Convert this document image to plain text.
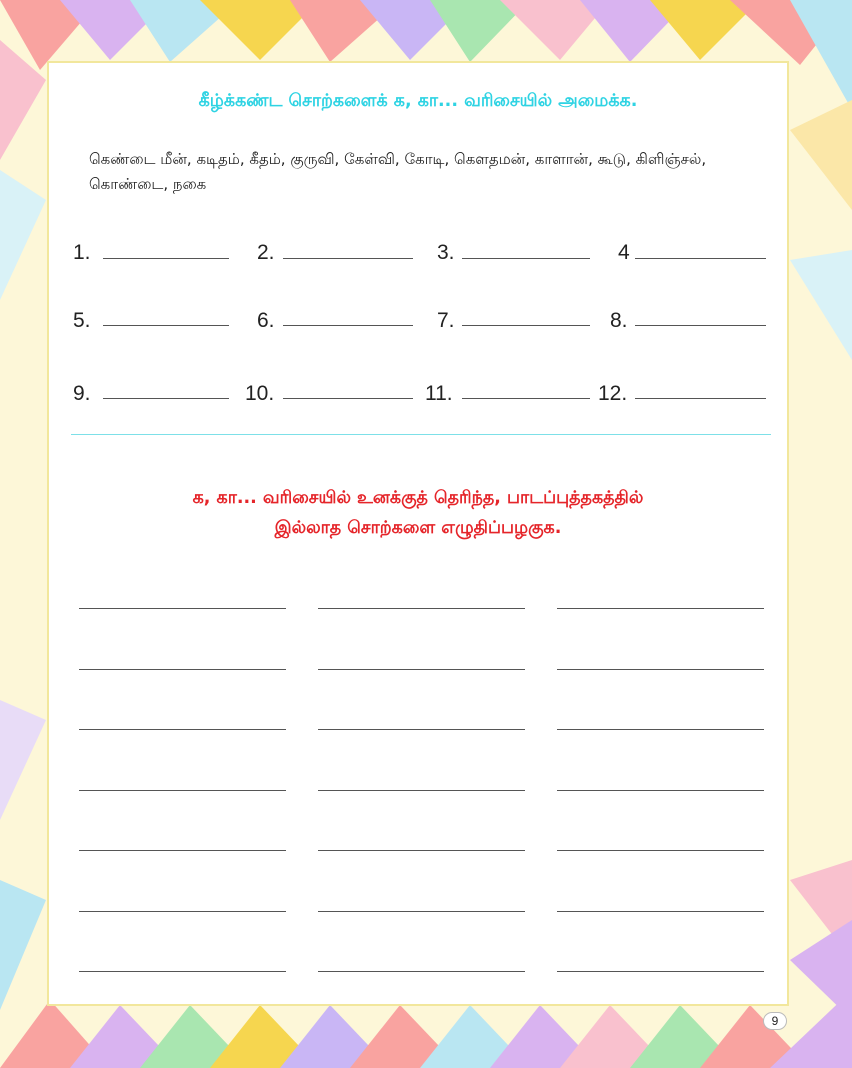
கீழ்க்கண்ட சொற்களைக் க, கா... வரிசையில் அமைக்க.
கெண்டை மீன், கடிதம், கீதம், குருவி, கேள்வி, கோடி, கௌதமன், காளான், கூடு, கிளிஞ்சல், கொண்டை, நகை
1.	2.	3.	4
5.	6.	7.	8.
9.	10.	11.	12.
க, கா... வரிசையில் உனக்குத் தெரிந்த, பாடப்புத்தகத்தில்
இல்லாத சொற்களை எழுதிப்பழகுக.
9
